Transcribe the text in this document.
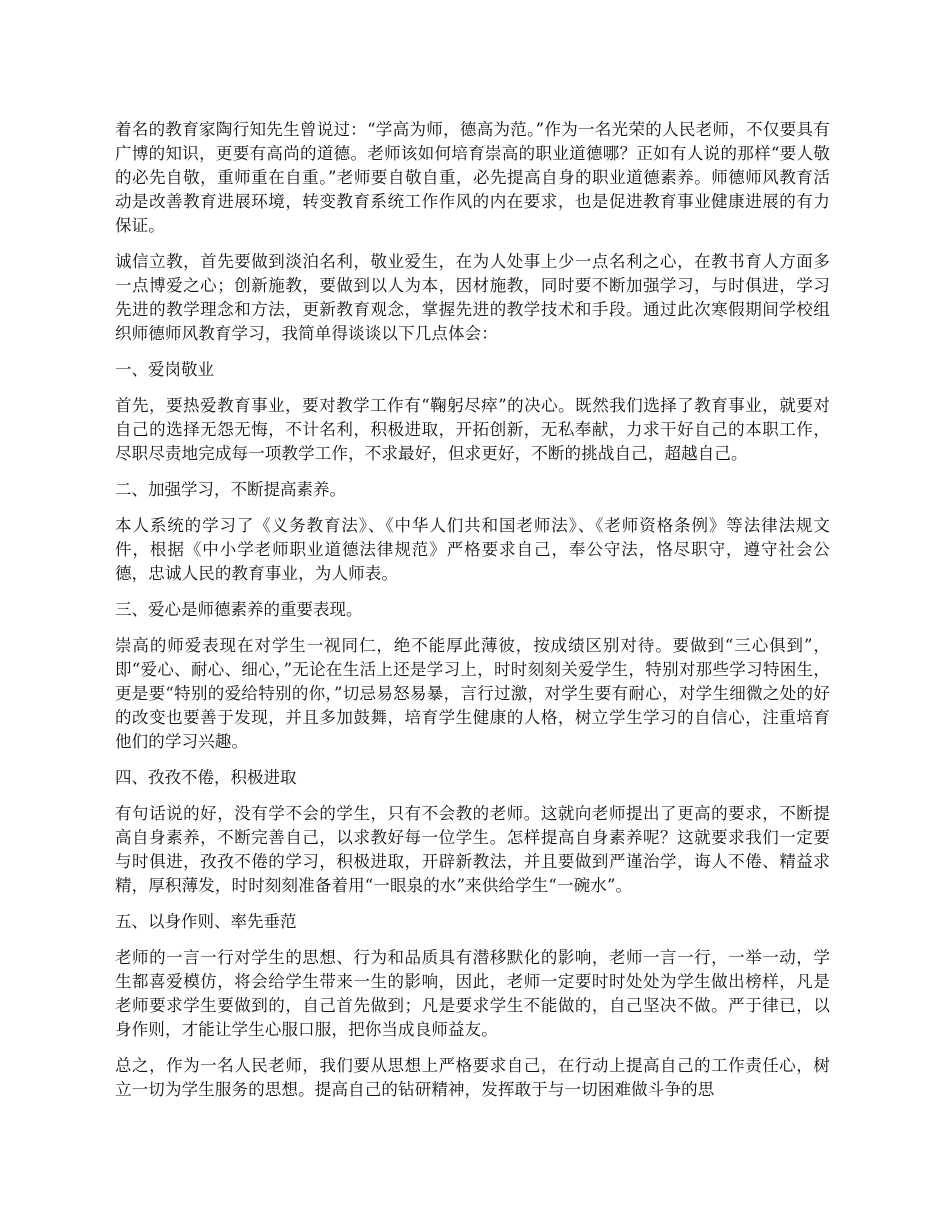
着名的教育家陶行知先生曾说过：“学高为师，德高为范。”作为一名光荣的人民老师，不仅要具有广博的知识，更要有高尚的道德。老师该如何培育崇高的职业道德哪？正如有人说的那样“要人敬的必先自敬，重师重在自重。”老师要自敬自重，必先提高自身的职业道德素养。师德师风教育活动是改善教育进展环境，转变教育系统工作作风的内在要求，也是促进教育事业健康进展的有力保证。

诚信立教，首先要做到淡泊名利，敬业爱生，在为人处事上少一点名利之心，在教书育人方面多一点博爱之心；创新施教，要做到以人为本，因材施教，同时要不断加强学习，与时俱进，学习先进的教学理念和方法，更新教育观念，掌握先进的教学技术和手段。通过此次寒假期间学校组织师德师风教育学习，我简单得谈谈以下几点体会：

一、爱岗敬业

首先，要热爱教育事业，要对教学工作有“鞠躬尽瘁”的决心。既然我们选择了教育事业，就要对自己的选择无怨无悔，不计名利，积极进取，开拓创新，无私奉献，力求干好自己的本职工作，尽职尽责地完成每一项教学工作，不求最好，但求更好，不断的挑战自己，超越自己。

二、加强学习，不断提高素养。

本人系统的学习了《义务教育法》、《中华人们共和国老师法》、《老师资格条例》等法律法规文件，根据《中小学老师职业道德法律规范》严格要求自己，奉公守法，恪尽职守，遵守社会公德，忠诚人民的教育事业，为人师表。

三、爱心是师德素养的重要表现。

崇高的师爱表现在对学生一视同仁，绝不能厚此薄彼，按成绩区别对待。要做到“三心俱到”，即“爱心、耐心、细心，”无论在生活上还是学习上，时时刻刻关爱学生，特别对那些学习特困生，更是要“特别的爱给特别的你，”切忌易怒易暴，言行过激，对学生要有耐心，对学生细微之处的好的改变也要善于发现，并且多加鼓舞，培育学生健康的人格，树立学生学习的自信心，注重培育他们的学习兴趣。

四、孜孜不倦，积极进取

有句话说的好，没有学不会的学生，只有不会教的老师。这就向老师提出了更高的要求，不断提高自身素养，不断完善自己，以求教好每一位学生。怎样提高自身素养呢？这就要求我们一定要与时俱进，孜孜不倦的学习，积极进取，开辟新教法，并且要做到严谨治学，诲人不倦、精益求精，厚积薄发，时时刻刻准备着用“一眼泉的水”来供给学生“一碗水”。

五、以身作则、率先垂范

老师的一言一行对学生的思想、行为和品质具有潜移默化的影响，老师一言一行，一举一动，学生都喜爱模仿，将会给学生带来一生的影响，因此，老师一定要时时处处为学生做出榜样，凡是老师要求学生要做到的，自己首先做到；凡是要求学生不能做的，自己坚决不做。严于律已，以身作则，才能让学生心服口服，把你当成良师益友。

总之，作为一名人民老师，我们要从思想上严格要求自己，在行动上提高自己的工作责任心，树立一切为学生服务的思想。提高自己的钻研精神，发挥敢于与一切困难做斗争的思
